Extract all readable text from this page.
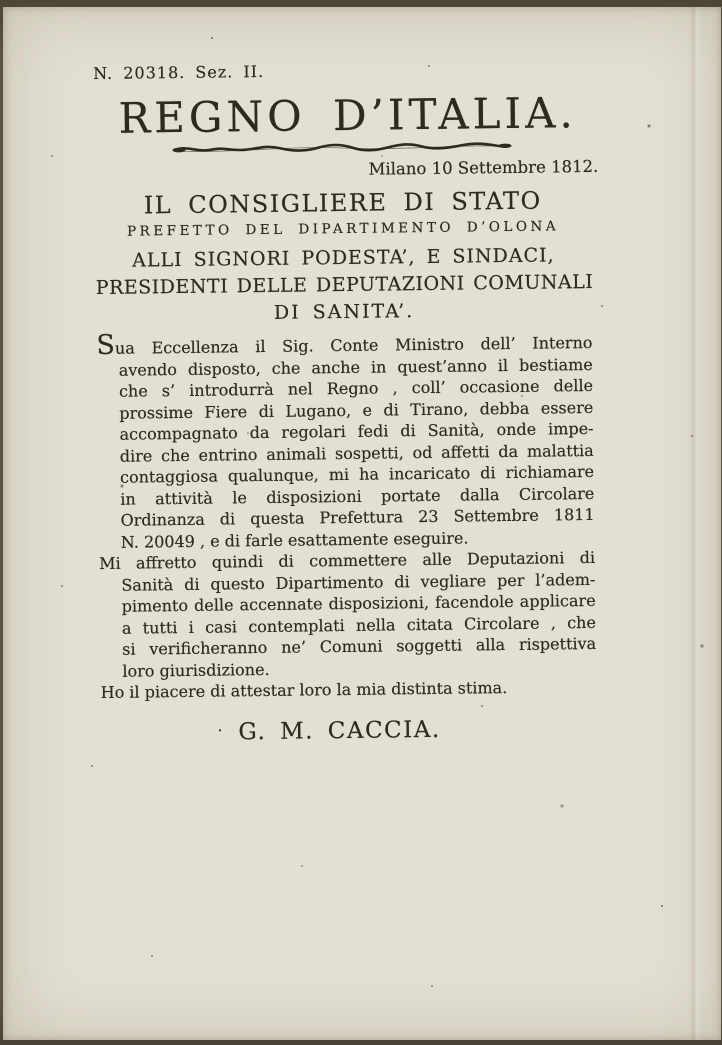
N. 20318. Sez. II.
REGNO D’ITALIA.
Milano 10 Settembre 1812.
IL CONSIGLIERE DI STATO
PREFETTO DEL DIPARTIMENTO D’OLONA
ALLI SIGNORI PODESTA’, E SINDACI,
PRESIDENTI DELLE DEPUTAZIONI COMUNALI
DI SANITA’.
Sua Eccellenza il Sig. Conte Ministro dell’ Interno
avendo disposto, che anche in quest’anno il bestiame
che s’ introdurrà nel Regno , coll’ occasione delle
prossime Fiere di Lugano, e di Tirano, debba essere
accompagnato da regolari fedi di Sanità, onde impe-
dire che entrino animali sospetti, od affetti da malattia
contaggiosa qualunque, mi ha incaricato di richiamare
in attività le disposizioni portate dalla Circolare
Ordinanza di questa Prefettura 23 Settembre 1811
N. 20049 , e di farle esattamente eseguire.
Mi affretto quindi di commettere alle Deputazioni di
Sanità di questo Dipartimento di vegliare per l’adem-
pimento delle accennate disposizioni, facendole applicare
a tutti i casi contemplati nella citata Circolare , che
si verificheranno ne’ Comuni soggetti alla rispettiva
loro giurisdizione.
Ho il piacere di attestar loro la mia distinta stima.
· G. M. CACCIA.
